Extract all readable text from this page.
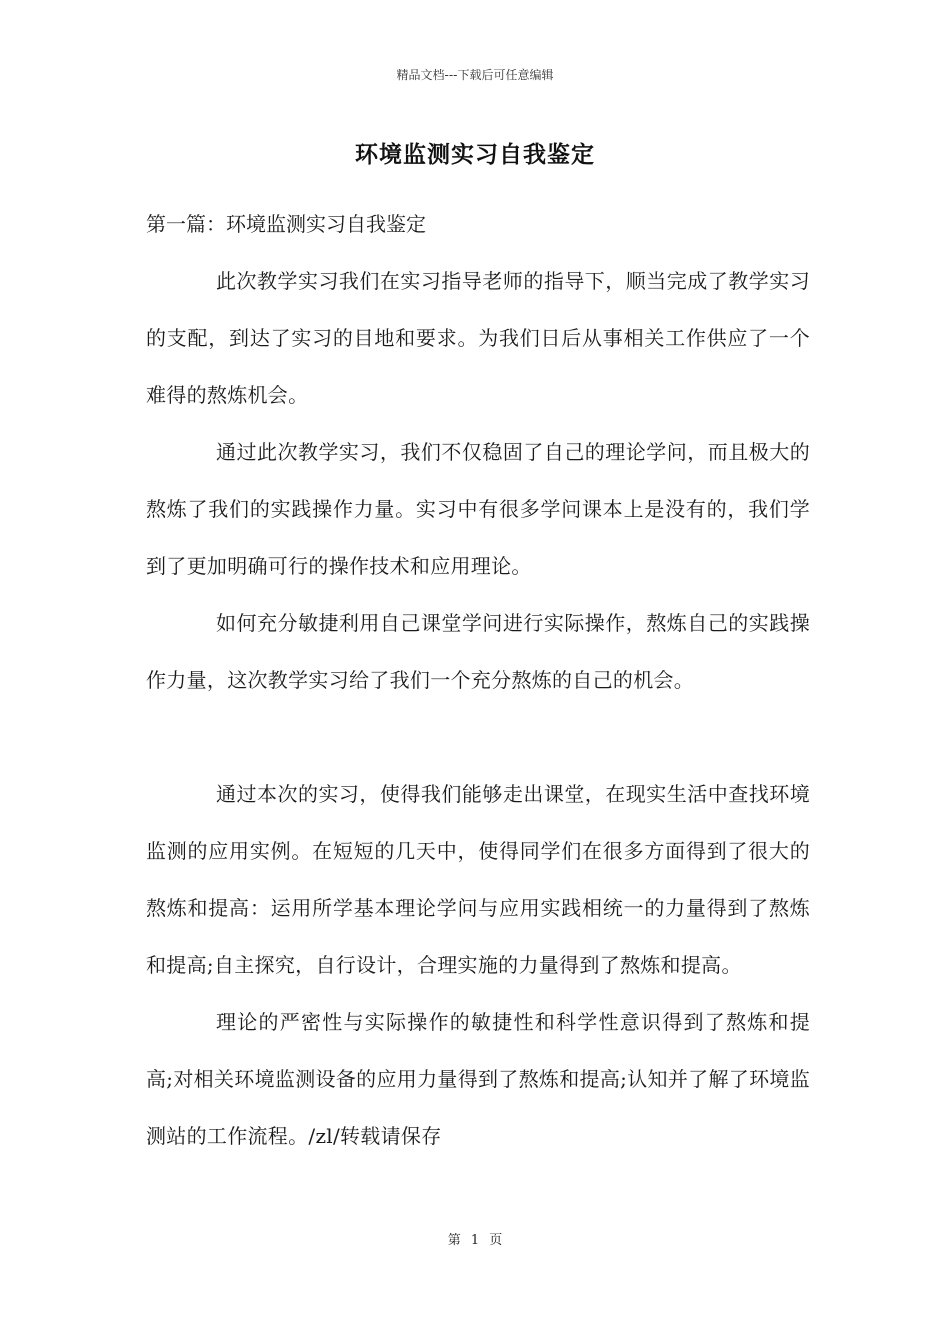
精品文档---下载后可任意编辑
环境监测实习自我鉴定

第一篇：环境监测实习自我鉴定

此次教学实习我们在实习指导老师的指导下，顺当完成了教学实习的支配，到达了实习的目地和要求。为我们日后从事相关工作供应了一个难得的熬炼机会。

通过此次教学实习，我们不仅稳固了自己的理论学问，而且极大的熬炼了我们的实践操作力量。实习中有很多学问课本上是没有的，我们学到了更加明确可行的操作技术和应用理论。

如何充分敏捷利用自己课堂学问进行实际操作，熬炼自己的实践操作力量，这次教学实习给了我们一个充分熬炼的自己的机会。

通过本次的实习，使得我们能够走出课堂，在现实生活中查找环境监测的应用实例。在短短的几天中，使得同学们在很多方面得到了很大的熬炼和提高：运用所学基本理论学问与应用实践相统一的力量得到了熬炼和提高;自主探究，自行设计，合理实施的力量得到了熬炼和提高。

理论的严密性与实际操作的敏捷性和科学性意识得到了熬炼和提高;对相关环境监测设备的应用力量得到了熬炼和提高;认知并了解了环境监测站的工作流程。/zl/转载请保存

第 1 页
